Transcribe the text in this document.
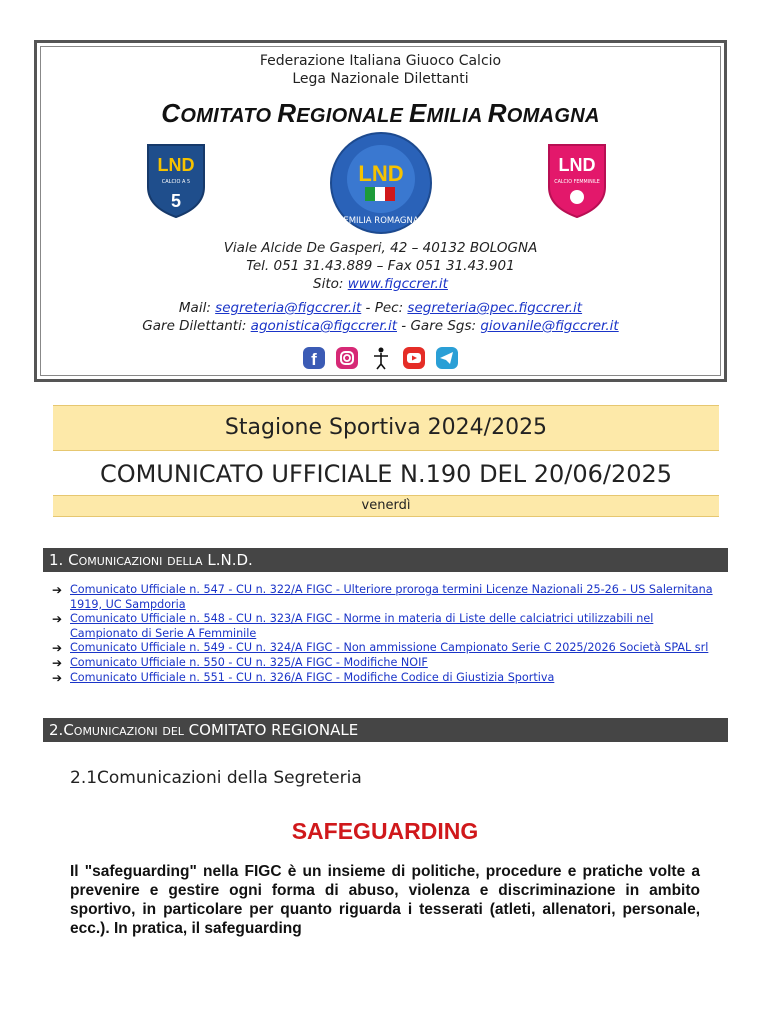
Federazione Italiana Giuoco Calcio
Lega Nazionale Dilettanti
COMITATO REGIONALE EMILIA ROMAGNA
LND
CALCIO A 5
5
LND
EMILIA ROMAGNA
LND
CALCIO FEMMINILE
Viale Alcide De Gasperi, 42 – 40132 BOLOGNA
Tel. 051 31.43.889 – Fax 051 31.43.901
Sito: www.figccrer.it
Mail: segreteria@figccrer.it - Pec: segreteria@pec.figccrer.it
Gare Dilettanti: agonistica@figccrer.it - Gare Sgs: giovanile@figccrer.it
f

Stagione Sportiva 2024/2025
COMUNICATO UFFICIALE N.190 DEL 20/06/2025
venerdì
1. Comunicazioni della L.N.D.
➔ Comunicato Ufficiale n. 547 - CU n. 322/A FIGC - Ulteriore proroga termini Licenze Nazionali 25-26 - US Salernitana 1919, UC Sampdoria
➔ Comunicato Ufficiale n. 548 - CU n. 323/A FIGC - Norme in materia di Liste delle calciatrici utilizzabili nel Campionato di Serie A Femminile
➔ Comunicato Ufficiale n. 549 - CU n. 324/A FIGC - Non ammissione Campionato Serie C 2025/2026 Società SPAL srl
➔ Comunicato Ufficiale n. 550 - CU n. 325/A FIGC - Modifiche NOIF
➔ Comunicato Ufficiale n. 551 - CU n. 326/A FIGC - Modifiche Codice di Giustizia Sportiva
2.Comunicazioni del COMITATO REGIONALE
2.1Comunicazioni della Segreteria
SAFEGUARDING
Il "safeguarding" nella FIGC è un insieme di politiche, procedure e pratiche volte a prevenire e gestire ogni forma di abuso, violenza e discriminazione in ambito sportivo, in particolare per quanto riguarda i tesserati (atleti, allenatori, personale, ecc.). In pratica, il safeguarding
